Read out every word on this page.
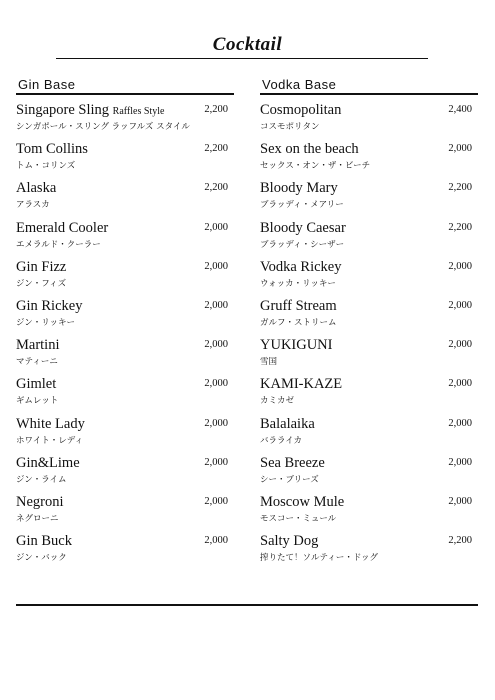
Cocktail
Gin Base
Singapore Sling Raffles Style	2,200
シンガポール・スリング ラッフルズ スタイル
Tom Collins	2,200
トム・コリンズ
Alaska	2,200
アラスカ
Emerald Cooler	2,000
エメラルド・クーラー
Gin Fizz	2,000
ジン・フィズ
Gin Rickey	2,000
ジン・リッキー
Martini	2,000
マティーニ
Gimlet	2,000
ギムレット
White Lady	2,000
ホワイト・レディ
Gin&Lime	2,000
ジン・ライム
Negroni	2,000
ネグローニ
Gin Buck	2,000
ジン・バック
Vodka Base
Cosmopolitan	2,400
コスモポリタン
Sex on the beach	2,000
セックス・オン・ザ・ビーチ
Bloody Mary	2,200
ブラッディ・メアリー
Bloody Caesar	2,200
ブラッディ・シーザー
Vodka Rickey	2,000
ウォッカ・リッキー
Gruff Stream	2,000
ガルフ・ストリーム
YUKIGUNI	2,000
雪国
KAMI-KAZE	2,000
カミカゼ
Balalaika	2,000
バラライカ
Sea Breeze	2,000
シー・ブリーズ
Moscow Mule	2,000
モスコー・ミュール
Salty Dog	2,200
搾りたて！ソルティー・ドッグ
